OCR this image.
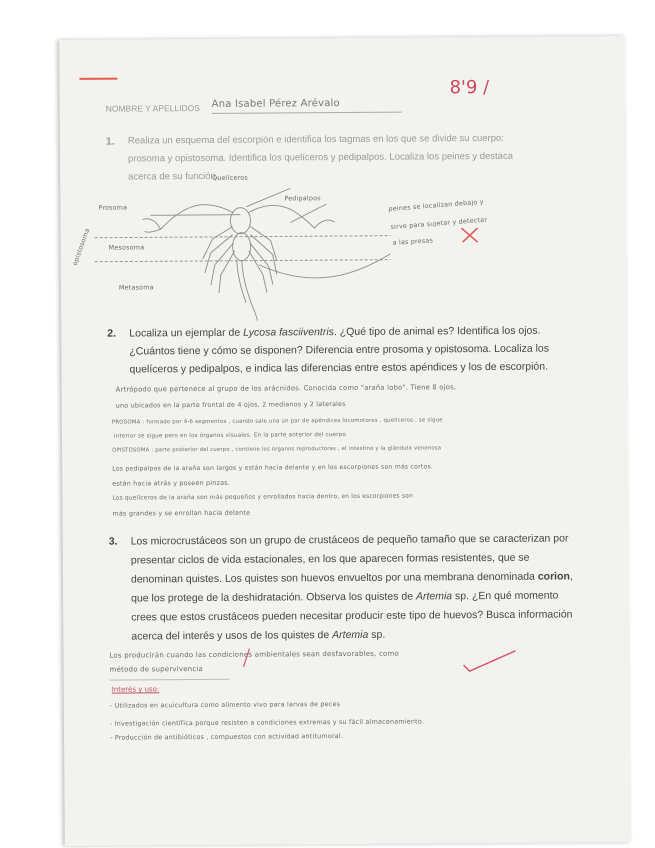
NOMBRE Y APELLIDOS Ana Isabel Pérez Arévalo
8'9 /
1. Realiza un esquema del escorpión e identifica los tagmas en los que se divide su cuerpo:
prosoma y opistosoma. Identifica los quelíceros y pedipalpos. Localiza los peines y destaca
acerca de su función.
Quelíceros
Pedipalpos
Prosoma
Mesosoma
opistosoma
Metasoma
peines se localizan debajo y
sirve para sujetar y detectar
a las presas
2. Localiza un ejemplar de Lycosa fasciiventris. ¿Qué tipo de animal es? Identifica los ojos.
¿Cuántos tiene y cómo se disponen? Diferencia entre prosoma y opistosoma. Localiza los
quelíceros y pedipalpos, e indica las diferencias entre estos apéndices y los de escorpión.
Artrópodo que pertenece al grupo de los arácnidos. Conocida como "araña lobo". Tiene 8 ojos,
uno ubicados en la parte frontal de 4 ojos, 2 medianos y 2 laterales
PROSOMA : formado por 4-6 segmentos , cuando sale una un par de apéndices locomotores , quelíceros , se sigue
interior se sigue pero en los órganos visuales. En la parte anterior del cuerpo
OPISTOSOMA : parte posterior del cuerpo , contiene los órganos reproductores , el intestino y la glándula venenosa
Los pedipalpos de la araña son largos y están hacia delante y en los escorpiones son más cortos.
están hacia atrás y poseen pinzas.
Los quelíceros de la araña son más pequeños y enrollados hacia dentro, en los escorpiones son
más grandes y se enrollan hacia delante
3. Los microcrustáceos son un grupo de crustáceos de pequeño tamaño que se caracterizan por
presentar ciclos de vida estacionales, en los que aparecen formas resistentes, que se
denominan quistes. Los quistes son huevos envueltos por una membrana denominada corion,
que los protege de la deshidratación. Observa los quistes de Artemia sp. ¿En qué momento
crees que estos crustáceos pueden necesitar producir este tipo de huevos? Busca información
acerca del interés y usos de los quistes de Artemia sp.
Los producirán cuando las condiciones ambientales sean desfavorables, como
método de supervivencia
Interés y uso:
- Utilizados en acuicultura como alimento vivo para larvas de peces
- Investigación científica porque resisten a condiciones extremas y su fácil almacenamiento.
- Producción de antibióticos , compuestos con actividad antitumoral.
